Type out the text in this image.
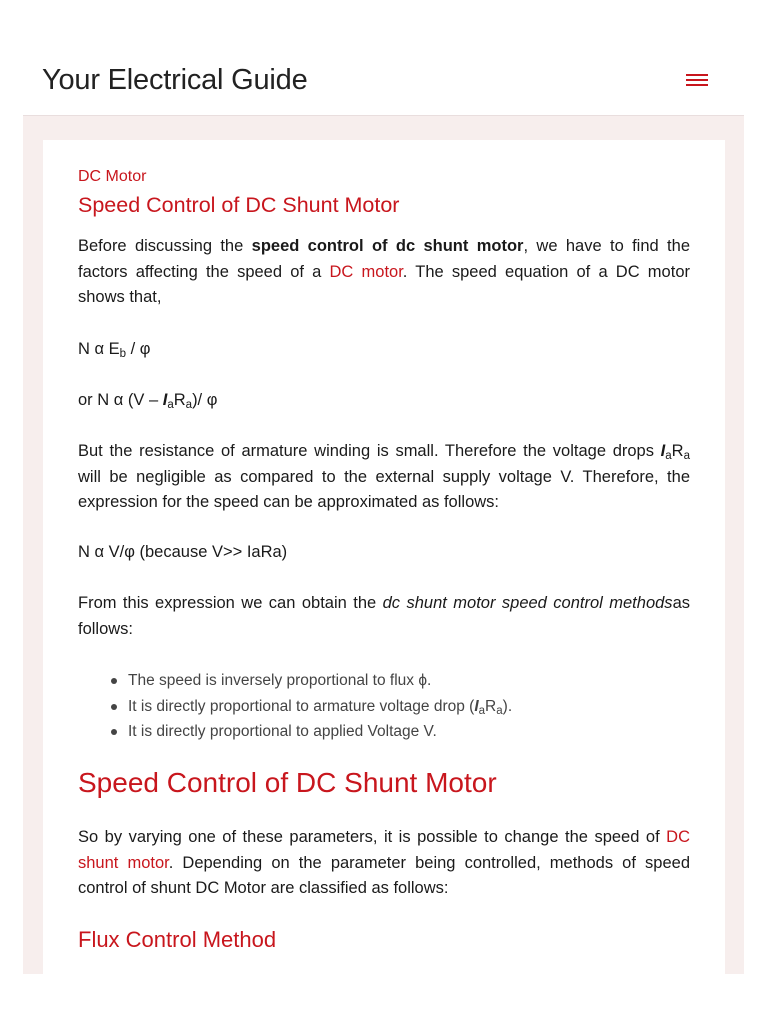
Your Electrical Guide
DC Motor
Speed Control of DC Shunt Motor
Before discussing the speed control of dc shunt motor, we have to find the factors affecting the speed of a DC motor. The speed equation of a DC motor shows that,
N α $E_b$ / φ
or N α $(V - I_aR_a)/$ φ
But the resistance of armature winding is small. Therefore the voltage drops $I_aR_a$ will be negligible as compared to the external supply voltage V. Therefore, the expression for the speed can be approximated as follows:
N α V/φ (because V>> IaRa)
From this expression we can obtain the dc shunt motor speed control methodsas follows:
The speed is inversely proportional to flux ϕ.
It is directly proportional to armature voltage drop $(I_aR_a)$.
It is directly proportional to applied Voltage V.
Speed Control of DC Shunt Motor
So by varying one of these parameters, it is possible to change the speed of DC shunt motor. Depending on the parameter being controlled, methods of speed control of shunt DC Motor are classified as follows:
Flux Control Method
